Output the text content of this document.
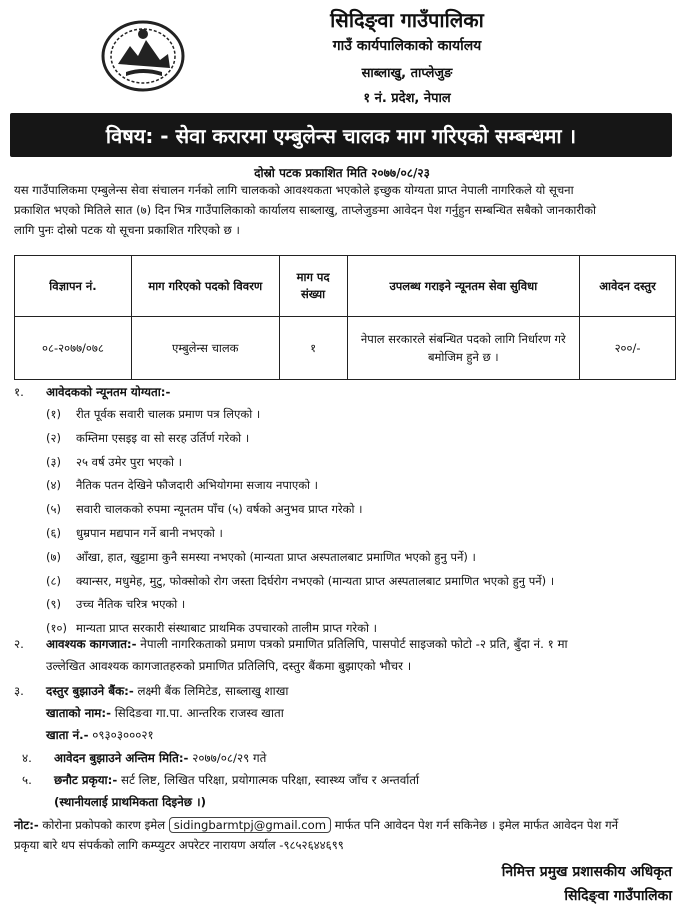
सिदिङ्वा गाउँपालिका
गाउँ कार्यपालिकाको कार्यालय
साब्लाखु, ताप्लेजुङ
१ नं. प्रदेश, नेपाल
विषय: - सेवा करारमा एम्बुलेन्स चालक माग गरिएको सम्बन्धमा ।
दोस्रो पटक प्रकाशित मिति २०७७/०८/२३
यस गाउँपालिकमा एम्बुलेन्स सेवा संचालन गर्नको लागि चालकको आवश्यकता भएकोले इच्छुक योग्यता प्राप्त नेपाली नागरिकले यो सूचना
प्रकाशित भएको मितिले सात (७) दिन भित्र गाउँपालिकाको कार्यालय साब्लाखु, ताप्लेजुङमा आवेदन पेश गर्नुहुन सम्बन्धित सबैको जानकारीको
लागि पुनः दोस्रो पटक यो सूचना प्रकाशित गरिएको छ ।
विज्ञापन नं.	माग गरिएको पदको विवरण	माग पद संख्या	उपलब्ध गराइने न्यूनतम सेवा सुविधा	आवेदन दस्तुर
०८-२०७७/०७८	एम्बुलेन्स चालक	१	नेपाल सरकारले संबन्धित पदको लागि निर्धारण गरे बमोजिम हुने छ ।	२००/-
१. आवेदकको न्यूनतम योग्यता:-
(१) रीत पूर्वक सवारी चालक प्रमाण पत्र लिएको ।
(२) कम्तिमा एसइइ वा सो सरह उर्तिर्ण गरेको ।
(३) २५ वर्ष उमेर पुरा भएको ।
(४) नैतिक पतन देखिने फौजदारी अभियोगमा सजाय नपाएको ।
(५) सवारी चालकको रुपमा न्यूनतम पाँच (५) वर्षको अनुभव प्राप्त गरेको ।
(६) धुम्रपान मद्यपान गर्ने बानी नभएको ।
(७) आँखा, हात, खुट्टामा कुनै समस्या नभएको (मान्यता प्राप्त अस्पतालबाट प्रमाणित भएको हुनु पर्ने) ।
(८) क्यान्सर, मधुमेह, मुटु, फोक्सोको रोग जस्ता दिर्घरोग नभएको (मान्यता प्राप्त अस्पतालबाट प्रमाणित भएको हुनु पर्ने) ।
(९) उच्च नैतिक चरित्र भएको ।
(१०) मान्यता प्राप्त सरकारी संस्थाबाट प्राथमिक उपचारको तालीम प्राप्त गरेको ।
२. आवश्यक कागजात:- नेपाली नागरिकताको प्रमाण पत्रको प्रमाणित प्रतिलिपि, पासपोर्ट साइजको फोटो -२ प्रति, बुँदा नं. १ मा
उल्लेखित आवश्यक कागजातहरुको प्रमाणित प्रतिलिपि, दस्तुर बैंकमा बुझाएको भौचर ।
३. दस्तुर बुझाउने बैंक:- लक्ष्मी बैंक लिमिटेड, साब्लाखु शाखा
खाताको नाम:- सिदिङवा गा.पा. आन्तरिक राजस्व खाता
खाता नं.- ०९३०३०००२१
४. आवेदन बुझाउने अन्तिम मिति:- २०७७/०८/२९ गते
५. छनौट प्रकृया:- सर्ट लिष्ट, लिखित परिक्षा, प्रयोगात्मक परिक्षा, स्वास्थ्य जाँच र अन्तर्वार्ता
(स्थानीयलाई प्राथमिकता दिइनेछ ।)
नोट:- कोरोना प्रकोपको कारण इमेल sidingbarmtpj@gmail.com मार्फत पनि आवेदन पेश गर्न सकिनेछ । इमेल मार्फत आवेदन पेश गर्ने
प्रकृया बारे थप संपर्कको लागि कम्प्युटर अपरेटर नारायण अर्याल -९८५२६४४६९९
निमित्त प्रमुख प्रशासकीय अधिकृत
सिदिङ्वा गाउँपालिका
